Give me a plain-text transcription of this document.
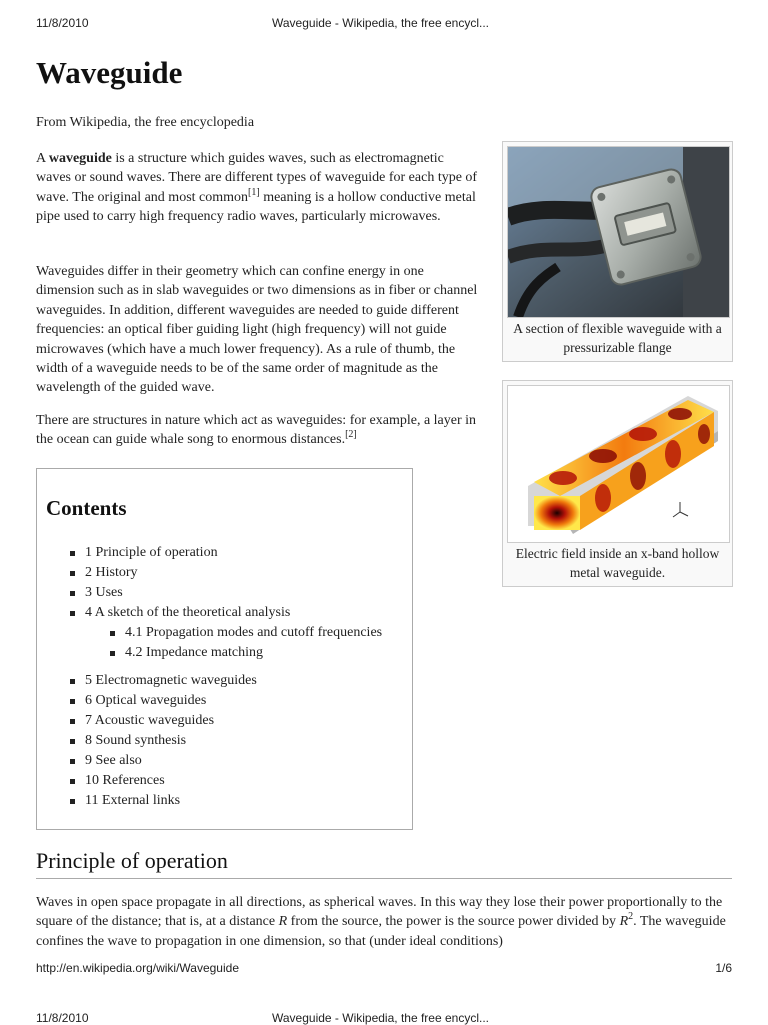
11/8/2010	Waveguide - Wikipedia, the free encycl...
Waveguide
From Wikipedia, the free encyclopedia

A waveguide is a structure which guides waves, such as electromagnetic waves or sound waves. There are different types of waveguide for each type of wave. The original and most common[1] meaning is a hollow conductive metal pipe used to carry high frequency radio waves, particularly microwaves.

Waveguides differ in their geometry which can confine energy in one dimension such as in slab waveguides or two dimensions as in fiber or channel waveguides. In addition, different waveguides are needed to guide different frequencies: an optical fiber guiding light (high frequency) will not guide microwaves (which have a much lower frequency). As a rule of thumb, the width of a waveguide needs to be of the same order of magnitude as the wavelength of the guided wave.

There are structures in nature which act as waveguides: for example, a layer in the ocean can guide whale song to enormous distances.[2]

A section of flexible waveguide with a pressurizable flange
Electric field inside an x-band hollow metal waveguide.
Contents
1 Principle of operation
2 History
3 Uses
4 A sketch of the theoretical analysis
4.1 Propagation modes and cutoff frequencies
4.2 Impedance matching
5 Electromagnetic waveguides
6 Optical waveguides
7 Acoustic waveguides
8 Sound synthesis
9 See also
10 References
11 External links
Principle of operation

Waves in open space propagate in all directions, as spherical waves. In this way they lose their power proportionally to the square of the distance; that is, at a distance R from the source, the power is the source power divided by $R^2$. The waveguide confines the wave to propagation in one dimension, so that (under ideal conditions)

http://en.wikipedia.org/wiki/Waveguide	1/6
11/8/2010	Waveguide - Wikipedia, the free encycl...
